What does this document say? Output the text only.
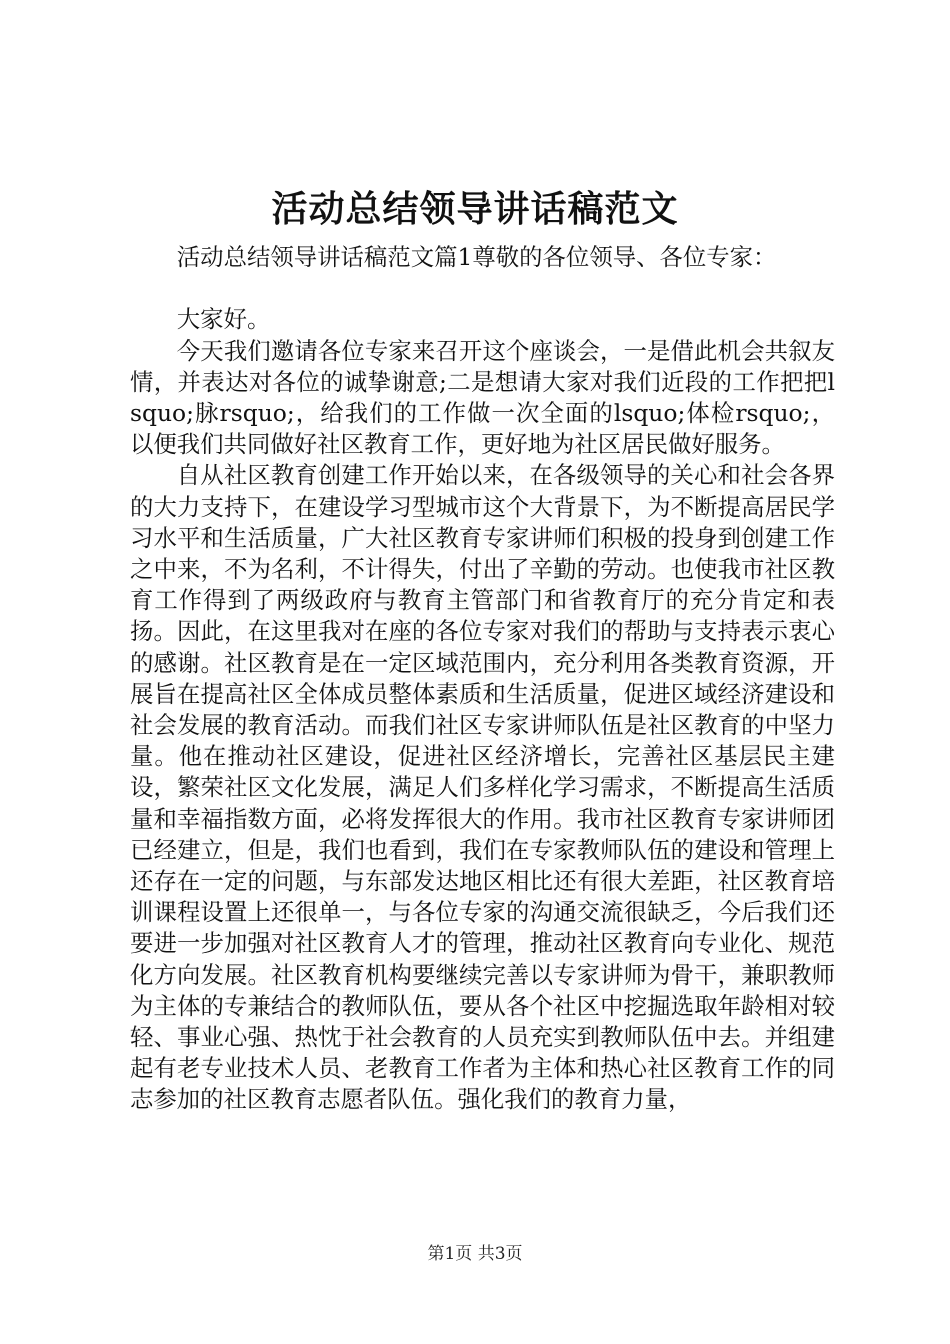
活动总结领导讲话稿范文

活动总结领导讲话稿范文篇1尊敬的各位领导、各位专家：

大家好。

今天我们邀请各位专家来召开这个座谈会，一是借此机会共叙友情，并表达对各位的诚挚谢意;二是想请大家对我们近段的工作把把lsquo;脉rsquo;，给我们的工作做一次全面的lsquo;体检rsquo;，以便我们共同做好社区教育工作，更好地为社区居民做好服务。

自从社区教育创建工作开始以来，在各级领导的关心和社会各界的大力支持下，在建设学习型城市这个大背景下，为不断提高居民学习水平和生活质量，广大社区教育专家讲师们积极的投身到创建工作之中来，不为名利，不计得失，付出了辛勤的劳动。也使我市社区教育工作得到了两级政府与教育主管部门和省教育厅的充分肯定和表扬。因此，在这里我对在座的各位专家对我们的帮助与支持表示衷心的感谢。社区教育是在一定区域范围内，充分利用各类教育资源，开展旨在提高社区全体成员整体素质和生活质量，促进区域经济建设和社会发展的教育活动。而我们社区专家讲师队伍是社区教育的中坚力量。他在推动社区建设，促进社区经济增长，完善社区基层民主建设，繁荣社区文化发展，满足人们多样化学习需求，不断提高生活质量和幸福指数方面，必将发挥很大的作用。我市社区教育专家讲师团已经建立，但是，我们也看到，我们在专家教师队伍的建设和管理上还存在一定的问题，与东部发达地区相比还有很大差距，社区教育培训课程设置上还很单一，与各位专家的沟通交流很缺乏，今后我们还要进一步加强对社区教育人才的管理，推动社区教育向专业化、规范化方向发展。社区教育机构要继续完善以专家讲师为骨干，兼职教师为主体的专兼结合的教师队伍，要从各个社区中挖掘选取年龄相对较轻、事业心强、热忱于社会教育的人员充实到教师队伍中去。并组建起有老专业技术人员、老教育工作者为主体和热心社区教育工作的同志参加的社区教育志愿者队伍。强化我们的教育力量，

第1页 共3页
